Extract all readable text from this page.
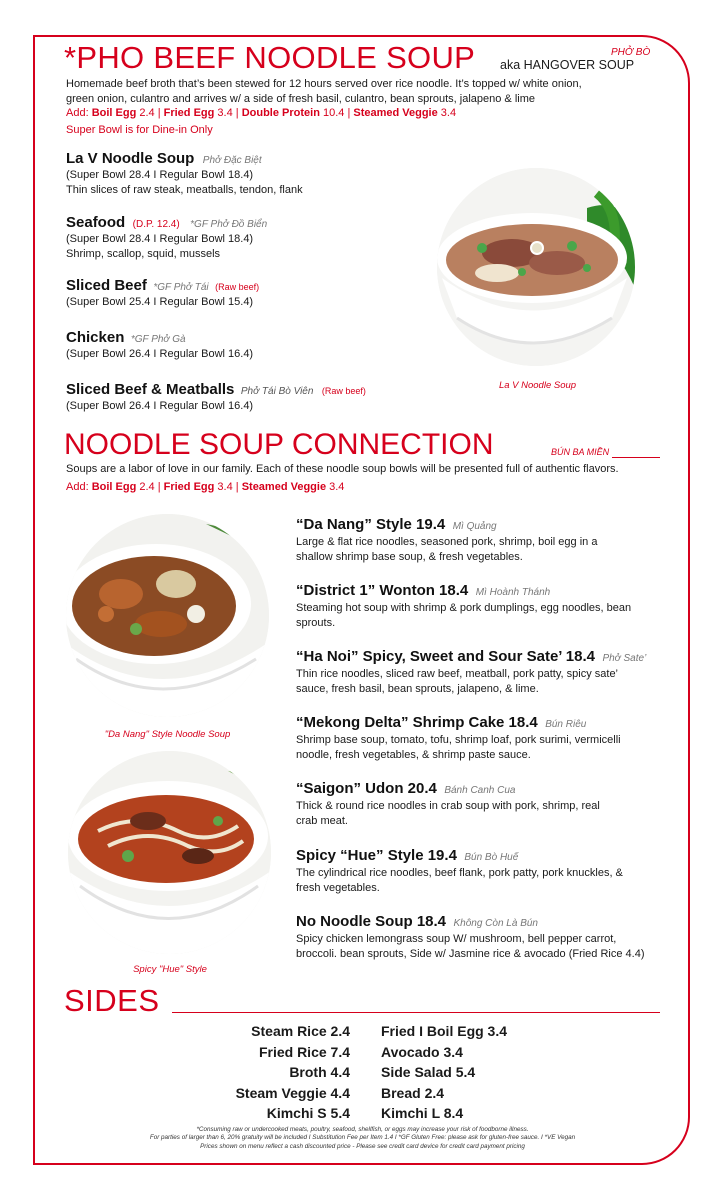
*PHO BEEF NOODLE SOUP	PHỞ BÒ
aka HANGOVER SOUP
Homemade beef broth that’s been stewed for 12 hours served over rice noodle. It’s topped w/ white onion,
green onion, culantro and arrives w/ a side of fresh basil, culantro, bean sprouts, jalapeno & lime
Add: Boil Egg 2.4 | Fried Egg 3.4 | Double Protein 10.4 | Steamed Veggie 3.4
Super Bowl is for Dine-in Only
La V Noodle Soup Phở Đặc Biệt
(Super Bowl 28.4 I Regular Bowl 18.4)
Thin slices of raw steak, meatballs, tendon, flank
Seafood (D.P. 12.4) *GF Phở Đồ Biển
(Super Bowl 28.4 I Regular Bowl 18.4)
Shrimp, scallop, squid, mussels
Sliced Beef *GF Phở Tái (Raw beef)
(Super Bowl 25.4 I Regular Bowl 15.4)
Chicken *GF Phở Gà
(Super Bowl 26.4 I Regular Bowl 16.4)
Sliced Beef & Meatballs Phở Tái Bò Viên (Raw beef)
(Super Bowl 26.4 I Regular Bowl 16.4)
La V Noodle Soup
NOODLE SOUP CONNECTION	BÚN BA MIỀN
Soups are a labor of love in our family. Each of these noodle soup bowls will be presented full of authentic flavors.
Add: Boil Egg 2.4 | Fried Egg 3.4 | Steamed Veggie 3.4
"Da Nang" Style Noodle Soup
Spicy "Hue" Style
“Da Nang” Style 19.4 Mì Quảng
Large & flat rice noodles, seasoned pork, shrimp, boil egg in a
shallow shrimp base soup, & fresh vegetables.
“District 1” Wonton 18.4 Mì Hoành Thánh
Steaming hot soup with shrimp & pork dumplings, egg noodles, bean
sprouts.
“Ha Noi” Spicy, Sweet and Sour Sate’ 18.4 Phở Sate’
Thin rice noodles, sliced raw beef, meatball, pork patty, spicy sate’
sauce, fresh basil, bean sprouts, jalapeno, & lime.
“Mekong Delta” Shrimp Cake 18.4 Bún Riêu
Shrimp base soup, tomato, tofu, shrimp loaf, pork surimi, vermicelli
noodle, fresh vegetables, & shrimp paste sauce.
“Saigon” Udon 20.4 Bánh Canh Cua
Thick & round rice noodles in crab soup with pork, shrimp, real
crab meat.
Spicy “Hue” Style 19.4 Bún Bò Huế
The cylindrical rice noodles, beef flank, pork patty, pork knuckles, &
fresh vegetables.
No Noodle Soup 18.4 Không Còn Là Bún
Spicy chicken lemongrass soup W/ mushroom, bell pepper carrot,
broccoli. bean sprouts, Side w/ Jasmine rice & avocado (Fried Rice 4.4)
SIDES
Steam Rice 2.4
Fried Rice 7.4
Broth 4.4
Steam Veggie 4.4
Kimchi S 5.4
Fried I Boil Egg 3.4
Avocado 3.4
Side Salad 5.4
Bread 2.4
Kimchi L 8.4
*Consuming raw or undercooked meats, poultry, seafood, shellfish, or eggs may increase your risk of foodborne illness.
For parties of larger than 6, 20% gratuity will be included I Substitution Fee per Item 1.4 I *GF Gluten Free: please ask for gluten-free sauce. I *VE Vegan
Prices shown on menu reflect a cash discounted price - Please see credit card device for credit card payment pricing
